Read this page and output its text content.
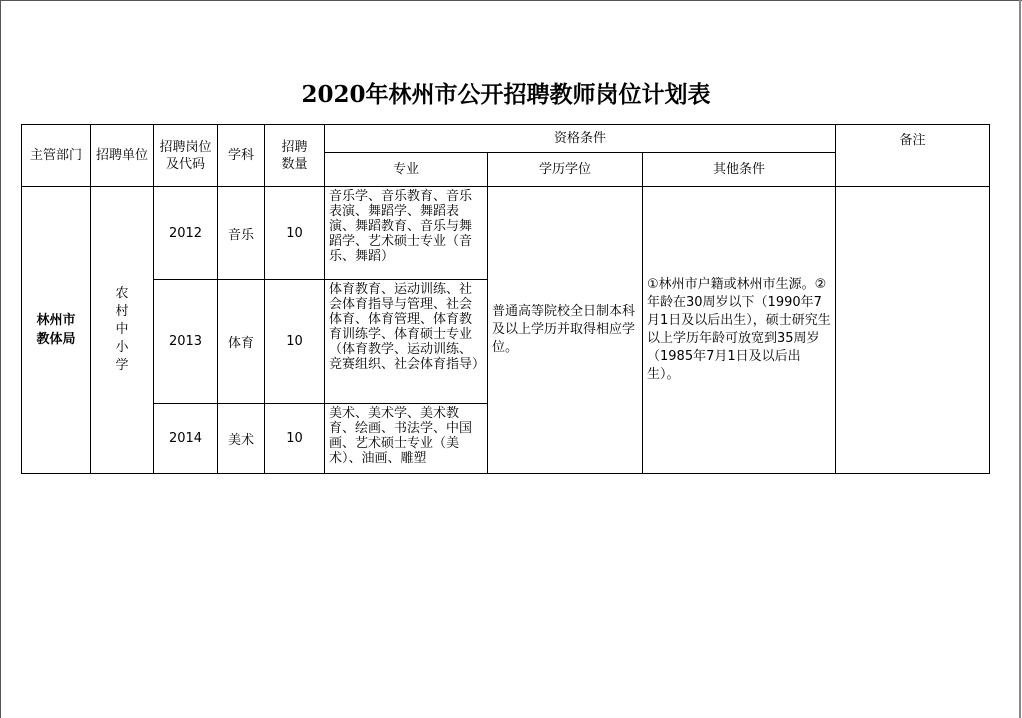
2020年林州市公开招聘教师岗位计划表
主管部门	招聘单位	招聘岗位及代码	学科	招聘数量	资格条件			备注
					专业	学历学位	其他条件	
林州市教体局	农村中小学	2012	音乐	10	音乐学、音乐教育、音乐表演、舞蹈学、舞蹈表演、舞蹈教育、音乐与舞蹈学、艺术硕士专业（音乐、舞蹈）	普通高等院校全日制本科及以上学历并取得相应学位。	①林州市户籍或林州市生源。②年龄在30周岁以下（1990年7月1日及以后出生），硕士研究生以上学历年龄可放宽到35周岁（1985年7月1日及以后出生）。	
		2013	体育	10	体育教育、运动训练、社会体育指导与管理、社会体育、体育管理、体育教育训练学、体育硕士专业（体育教学、运动训练、竞赛组织、社会体育指导）			
		2014	美术	10	美术、美术学、美术教育、绘画、书法学、中国画、艺术硕士专业（美术）、油画、雕塑			
